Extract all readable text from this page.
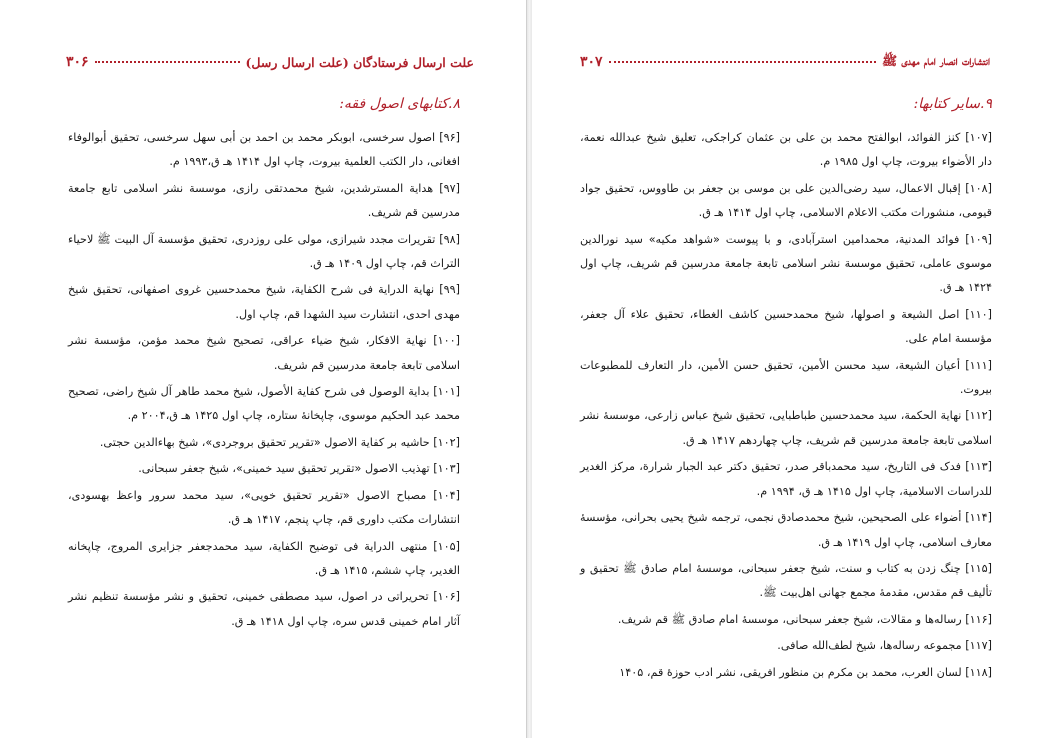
علت ارسال فرستادگان (علت ارسال رسل)
۳۰۶
۸.کتابهای اصول فقه:
[۹۶] اصول سرخسی، ابوبکر محمد بن احمد بن أبی سهل سرخسی، تحقیق أبوالوفاء افغانی، دار الکتب العلمیة بیروت، چاپ اول ۱۴۱۴ هـ ق،۱۹۹۳ م.
[۹۷] هدایة المسترشدین، شیخ محمدتقی رازی، موسسة نشر اسلامی تابع جامعة مدرسین قم شریف.
[۹۸] تقریرات مجدد شیرازی، مولی علی روزدری، تحقیق مؤسسة آل البیت ﷺ لاحیاء التراث قم، چاپ اول ۱۴۰۹ هـ ق.
[۹۹] نهایة الدرایة فی شرح الکفایة، شیخ محمدحسین غروی اصفهانی، تحقیق شیخ مهدی احدی، انتشارت سید الشهدا قم، چاپ اول.
[۱۰۰] نهایة الافکار، شیخ ضیاء عراقی، تصحیح شیخ محمد مؤمن، مؤسسة نشر اسلامی تابعة جامعة مدرسین قم شریف.
[۱۰۱] بدایة الوصول فی شرح کفایة الأصول، شیخ محمد طاهر آل شیخ راضی، تصحیح محمد عبد الحکیم موسوی، چاپخانهٔ ستاره، چاپ اول ۱۴۲۵ هـ ق،۲۰۰۴ م.
[۱۰۲] حاشیه بر کفایة الاصول «تقریر تحقیق بروجردی»، شیخ بهاءالدین حجتی.
[۱۰۳] تهذیب الاصول «تقریر تحقیق سید خمینی»، شیخ جعفر سبحانی.
[۱۰۴] مصباح الاصول «تقریر تحقیق خویی»، سید محمد سرور واعظ بهسودی، انتشارات مکتب داوری قم، چاپ پنجم، ۱۴۱۷ هـ ق.
[۱۰۵] منتهی الدرایة فی توضیح الکفایة، سید محمدجعفر جزایری المروج، چاپخانه الغدیر، چاپ ششم، ۱۴۱۵ هـ ق.
[۱۰۶] تحریراتی در اصول، سید مصطفی خمینی، تحقیق و نشر مؤسسة تنظیم نشر آثار امام خمینی قدس سره، چاپ اول ۱۴۱۸ هـ ق.
انتشارات انصار امام مهدی ﷺ
۳۰۷
۹.سایر کتابها:
[۱۰۷] کنز الفوائد، ابوالفتح محمد بن علی بن عثمان کراجکی، تعلیق شیخ عبدالله نعمة، دار الأضواء بیروت، چاپ اول ۱۹۸۵ م.
[۱۰۸] إقبال الاعمال، سید رضی‌الدین علی بن موسی بن جعفر بن طاووس، تحقیق جواد قیومی، منشورات مکتب الاعلام الاسلامی، چاپ اول ۱۴۱۴ هـ ق.
[۱۰۹] فوائد المدنیة، محمدامین استرآبادی، و با پیوست «شواهد مکیه» سید نورالدین موسوی عاملی، تحقیق موسسة نشر اسلامی تابعة جامعة مدرسین قم شریف، چاپ اول ۱۴۲۴ هـ ق.
[۱۱۰] اصل الشیعة و اصولها، شیخ محمدحسین کاشف الغطاء، تحقیق علاء آل جعفر، مؤسسة امام علی.
[۱۱۱] أعیان الشیعة، سید محسن الأمین، تحقیق حسن الأمین، دار التعارف للمطبوعات بیروت.
[۱۱۲] نهایة الحکمة، سید محمدحسین طباطبایی، تحقیق شیخ عباس زارعی، موسسهٔ نشر اسلامی تابعة جامعة مدرسین قم شریف، چاپ چهاردهم ۱۴۱۷ هـ ق.
[۱۱۳] فدک فی التاریخ، سید محمدباقر صدر، تحقیق دکتر عبد الجبار شرارة، مرکز الغدیر للدراسات الاسلامیة، چاپ اول ۱۴۱۵ هـ ق، ۱۹۹۴ م.
[۱۱۴] أضواء علی الصحیحین، شیخ محمدصادق نجمی، ترجمه شیخ یحیی بحرانی، مؤسسهٔ معارف اسلامی، چاپ اول ۱۴۱۹ هـ ق.
[۱۱۵] چنگ زدن به کتاب و سنت، شیخ جعفر سبحانی، موسسهٔ امام صادق ﷺ تحقیق و تألیف قم مقدس، مقدمهٔ مجمع جهانی اهل‌بیت ﷺ.
[۱۱۶] رساله‌ها و مقالات، شیخ جعفر سبحانی، موسسهٔ امام صادق ﷺ قم شریف.
[۱۱۷] مجموعه رساله‌ها، شیخ لطف‌الله صافی.
[۱۱۸] لسان العرب، محمد بن مکرم بن منظور افریقی، نشر ادب حوزهٔ قم، ۱۴۰۵
